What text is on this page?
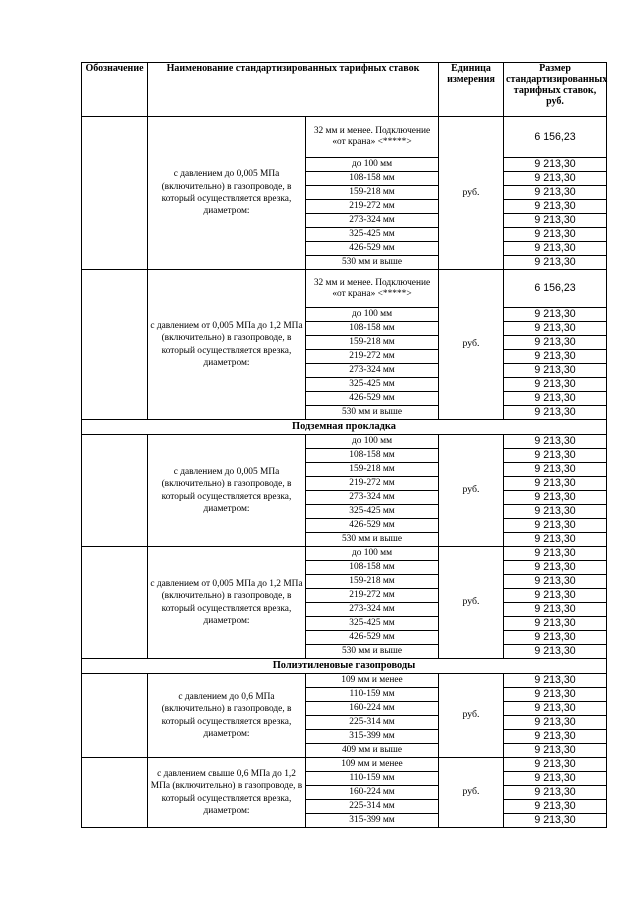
Обозначение	Наименование стандартизированных тарифных ставок		Единица измерения	Размер стандартизированных тарифных ставок, руб.
	с давлением до 0,005 МПа (включительно) в газопроводе, в который осуществляется врезка, диаметром:	32 мм и менее. Подключение «от крана» <*****>	руб.	6 156,23
		до 100 мм		9 213,30
		108-158 мм		9 213,30
		159-218 мм		9 213,30
		219-272 мм		9 213,30
		273-324 мм		9 213,30
		325-425 мм		9 213,30
		426-529 мм		9 213,30
		530 мм и выше		9 213,30
	с давлением от 0,005 МПа до 1,2 МПа (включительно) в газопроводе, в который осуществляется врезка, диаметром:	32 мм и менее. Подключение «от крана» <*****>	руб.	6 156,23
		до 100 мм		9 213,30
		108-158 мм		9 213,30
		159-218 мм		9 213,30
		219-272 мм		9 213,30
		273-324 мм		9 213,30
		325-425 мм		9 213,30
		426-529 мм		9 213,30
		530 мм и выше		9 213,30
Подземная прокладка				
	с давлением до 0,005 МПа (включительно) в газопроводе, в который осуществляется врезка, диаметром:	до 100 мм	руб.	9 213,30
		108-158 мм		9 213,30
		159-218 мм		9 213,30
		219-272 мм		9 213,30
		273-324 мм		9 213,30
		325-425 мм		9 213,30
		426-529 мм		9 213,30
		530 мм и выше		9 213,30
	с давлением от 0,005 МПа до 1,2 МПа (включительно) в газопроводе, в который осуществляется врезка, диаметром:	до 100 мм	руб.	9 213,30
		108-158 мм		9 213,30
		159-218 мм		9 213,30
		219-272 мм		9 213,30
		273-324 мм		9 213,30
		325-425 мм		9 213,30
		426-529 мм		9 213,30
		530 мм и выше		9 213,30
Полиэтиленовые газопроводы				
	с давлением до 0,6 МПа (включительно) в газопроводе, в который осуществляется врезка, диаметром:	109 мм и менее	руб.	9 213,30
		110-159 мм		9 213,30
		160-224 мм		9 213,30
		225-314 мм		9 213,30
		315-399 мм		9 213,30
		409 мм и выше		9 213,30
	с давлением свыше 0,6 МПа до 1,2 МПа (включительно) в газопроводе, в который осуществляется врезка, диаметром:	109 мм и менее	руб.	9 213,30
		110-159 мм		9 213,30
		160-224 мм		9 213,30
		225-314 мм		9 213,30
		315-399 мм		9 213,30
